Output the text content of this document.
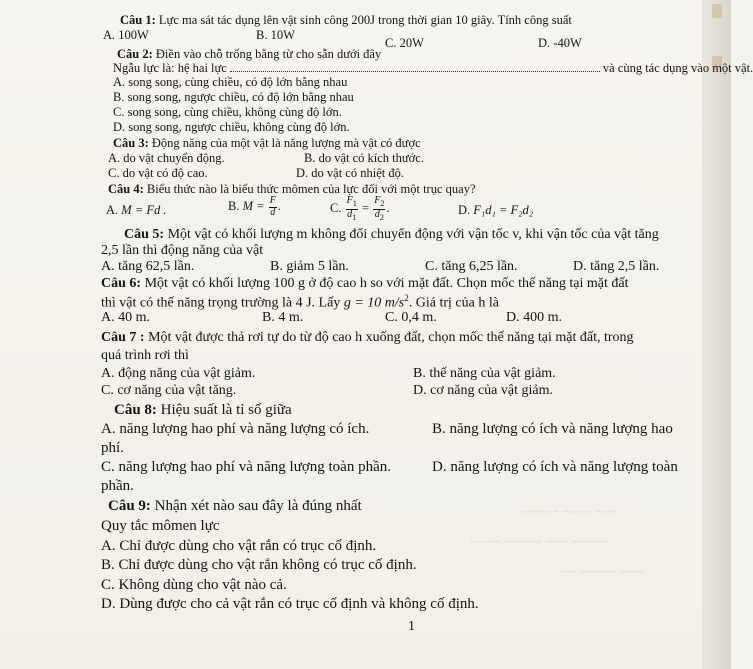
~~~ ~~~~ ~~~~~
~~~~~ ~~~ ~~~~~ ~~~~
~~~ ~~~~~ ~~
Câu 1: Lực ma sát tác dụng lên vật sinh công 200J trong thời gian 10 giây. Tính công suất
A. 100W	B. 10W
C. 20W	D. -40W
Câu 2: Điền vào chỗ trống bằng từ cho sẵn dưới đây
Ngẫu lực là: hệ hai lực	và cùng tác dụng vào một vật.
A. song song, cùng chiều, có độ lớn bằng nhau
B. song song, ngược chiều, có độ lớn bằng nhau
C. song song, cùng chiều, không cùng độ lớn.
D. song song, ngược chiều, không cùng độ lớn.
Câu 3: Động năng của một vật là năng lượng mà vật có được
A. do vật chuyển động.	B. do vật có kích thước.
C. do vật có độ cao.	D. do vật có nhiệt độ.
Câu 4: Biểu thức nào là biểu thức mômen của lực đối với một trục quay?
A. M = Fd .	B. $M = \frac{F}{d}$ .	C. $\frac{F_1}{d_1} = \frac{F_2}{d_2}$ .	D. F₁d₁ = F₂d₂
Câu 5: Một vật có khối lượng m không đổi chuyển động với vận tốc v, khi vận tốc của vật tăng
2,5 lần thì động năng của vật
A. tăng 62,5 lần.	B. giảm 5 lần.	C. tăng 6,25 lần.	D. tăng 2,5 lần.
Câu 6: Một vật có khối lượng 100 g ở độ cao h so với mặt đất. Chọn mốc thế năng tại mặt đất
thì vật có thế năng trọng trường là 4 J. Lấy g = 10 $m/s^2$. Giá trị của h là
A. 40 m.	B. 4 m.	C. 0,4 m.	D. 400 m.
Câu 7 : Một vật được thả rơi tự do từ độ cao h xuống đất, chọn mốc thế năng tại mặt đất, trong
quá trình rơi thì
A. động năng của vật giảm.	B. thế năng của vật giảm.
C. cơ năng của vật tăng.	D. cơ năng của vật giảm.
Câu 8: Hiệu suất là tỉ số giữa
A. năng lượng hao phí và năng lượng có ích.	B. năng lượng có ích và năng lượng hao
phí.
C. năng lượng hao phí và năng lượng toàn phần.	D. năng lượng có ích và năng lượng toàn
phần.
Câu 9: Nhận xét nào sau đây là đúng nhất
Quy tắc mômen lực
A. Chỉ được dùng cho vật rắn có trục cố định.
B. Chỉ được dùng cho vật rắn không có trục cố định.
C. Không dùng cho vật nào cả.
D. Dùng được cho cả vật rắn có trục cố định và không cố định.
1
